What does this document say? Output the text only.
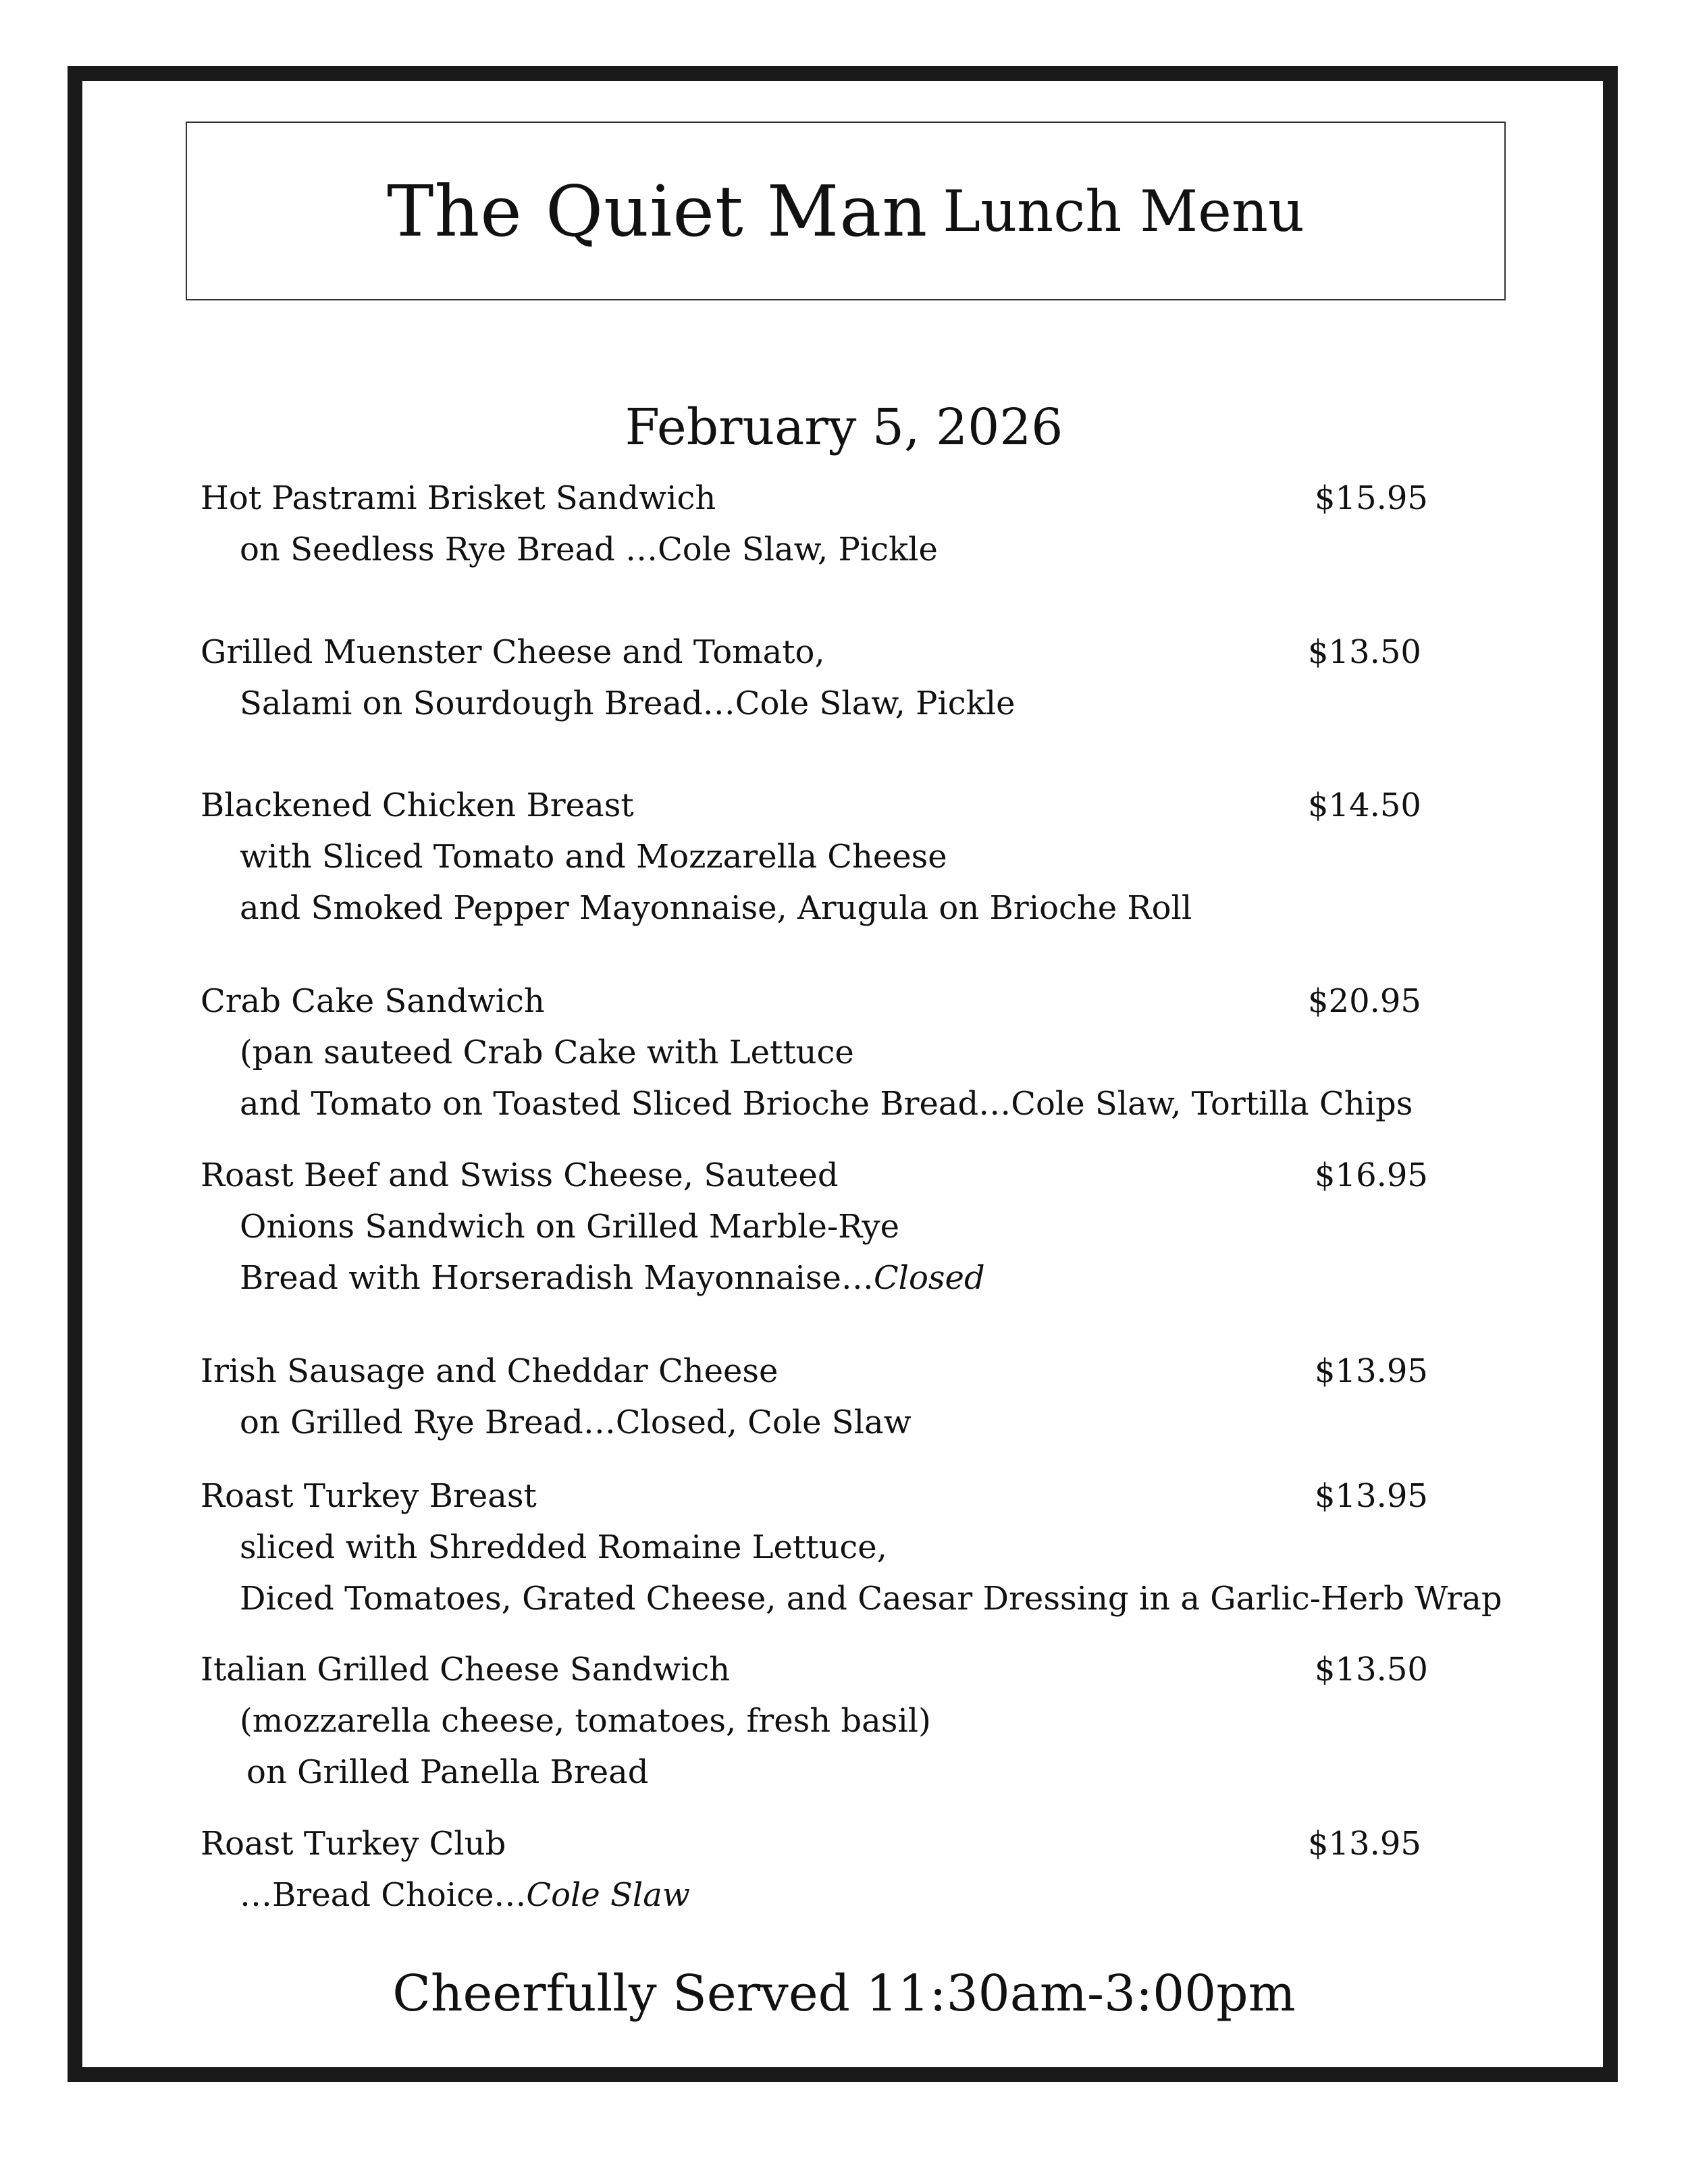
The Quiet Man Lunch Menu
February 5, 2026
Hot Pastrami Brisket Sandwich	$15.95
on Seedless Rye Bread …Cole Slaw, Pickle
Grilled Muenster Cheese and Tomato,	$13.50
Salami on Sourdough Bread…Cole Slaw, Pickle
Blackened Chicken Breast	$14.50
with Sliced Tomato and Mozzarella Cheese
and Smoked Pepper Mayonnaise, Arugula on Brioche Roll
Crab Cake Sandwich	$20.95
(pan sauteed Crab Cake with Lettuce
and Tomato on Toasted Sliced Brioche Bread…Cole Slaw, Tortilla Chips
Roast Beef and Swiss Cheese, Sauteed	$16.95
Onions Sandwich on Grilled Marble-Rye
Bread with Horseradish Mayonnaise…Closed
Irish Sausage and Cheddar Cheese	$13.95
on Grilled Rye Bread…Closed, Cole Slaw
Roast Turkey Breast	$13.95
sliced with Shredded Romaine Lettuce,
Diced Tomatoes, Grated Cheese, and Caesar Dressing in a Garlic-Herb Wrap
Italian Grilled Cheese Sandwich	$13.50
(mozzarella cheese, tomatoes, fresh basil)
on Grilled Panella Bread
Roast Turkey Club	$13.95
…Bread Choice…Cole Slaw
Cheerfully Served 11:30am-3:00pm
